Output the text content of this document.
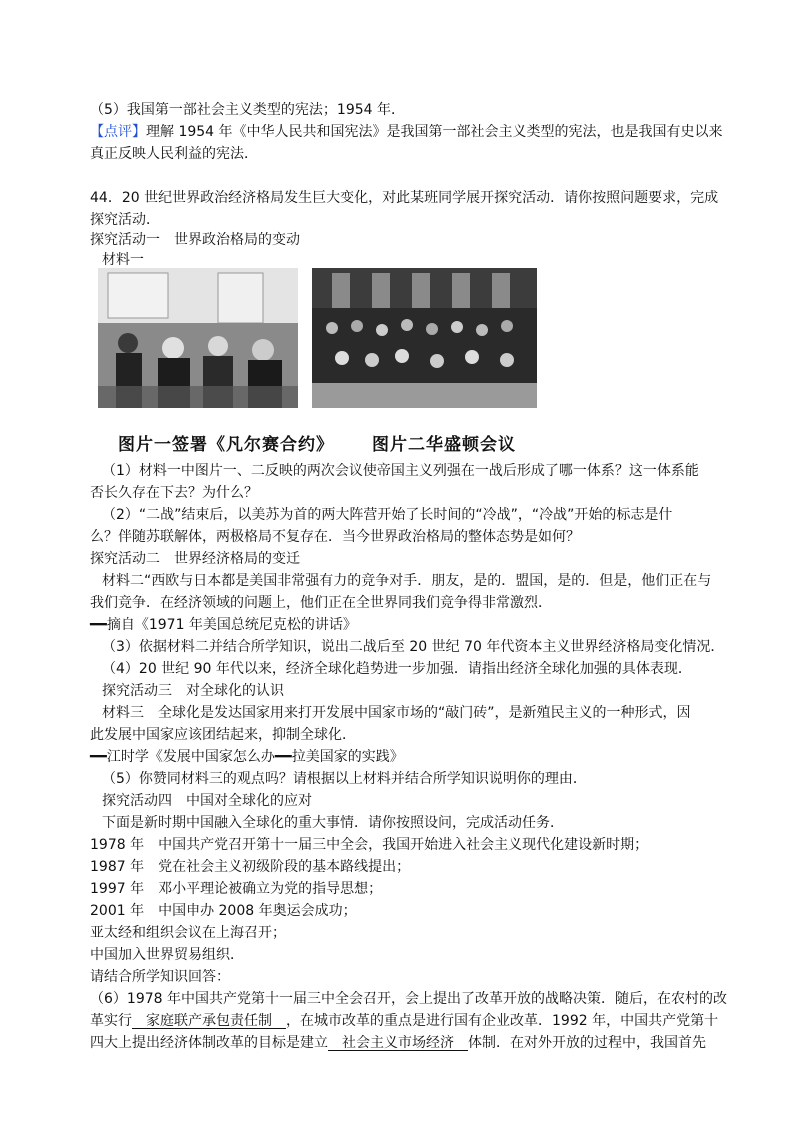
（5）我国第一部社会主义类型的宪法；1954 年．
【点评】理解 1954 年《中华人民共和国宪法》是我国第一部社会主义类型的宪法，也是我国有史以来
真正反映人民利益的宪法．
44．20 世纪世界政治经济格局发生巨大变化，对此某班同学展开探究活动．请你按照问题要求，完成
探究活动．
探究活动一　世界政治格局的变动
材料一
图片一签署《凡尔赛合约》 图片二华盛顿会议
（1）材料一中图片一、二反映的两次会议使帝国主义列强在一战后形成了哪一体系？这一体系能
否长久存在下去？为什么？
（2）“二战”结束后，以美苏为首的两大阵营开始了长时间的“冷战”，“冷战”开始的标志是什
么？伴随苏联解体，两极格局不复存在．当今世界政治格局的整体态势是如何？
探究活动二　世界经济格局的变迁
材料二“西欧与日本都是美国非常强有力的竞争对手．朋友，是的．盟国，是的．但是，他们正在与
我们竞争．在经济领域的问题上，他们正在全世界同我们竞争得非常激烈．
━━摘自《1971 年美国总统尼克松的讲话》
（3）依据材料二并结合所学知识，说出二战后至 20 世纪 70 年代资本主义世界经济格局变化情况．
（4）20 世纪 90 年代以来，经济全球化趋势进一步加强．请指出经济全球化加强的具体表现．
探究活动三　对全球化的认识
材料三　全球化是发达国家用来打开发展中国家市场的“敲门砖”，是新殖民主义的一种形式，因
此发展中国家应该团结起来，抑制全球化．
━━江时学《发展中国家怎么办━━拉美国家的实践》
（5）你赞同材料三的观点吗？请根据以上材料并结合所学知识说明你的理由．
探究活动四　中国对全球化的应对
下面是新时期中国融入全球化的重大事情．请你按照设问，完成活动任务．
1978 年　中国共产党召开第十一届三中全会，我国开始进入社会主义现代化建设新时期；
1987 年　党在社会主义初级阶段的基本路线提出；
1997 年　邓小平理论被确立为党的指导思想；
2001 年　中国申办 2008 年奥运会成功；
亚太经和组织会议在上海召开；
中国加入世界贸易组织．
请结合所学知识回答：
（6）1978 年中国共产党第十一届三中全会召开，会上提出了改革开放的战略决策．随后，在农村的改
革实行　家庭联产承包责任制　，在城市改革的重点是进行国有企业改革．1992 年，中国共产党第十
四大上提出经济体制改革的目标是建立　社会主义市场经济　体制．在对外开放的过程中，我国首先
